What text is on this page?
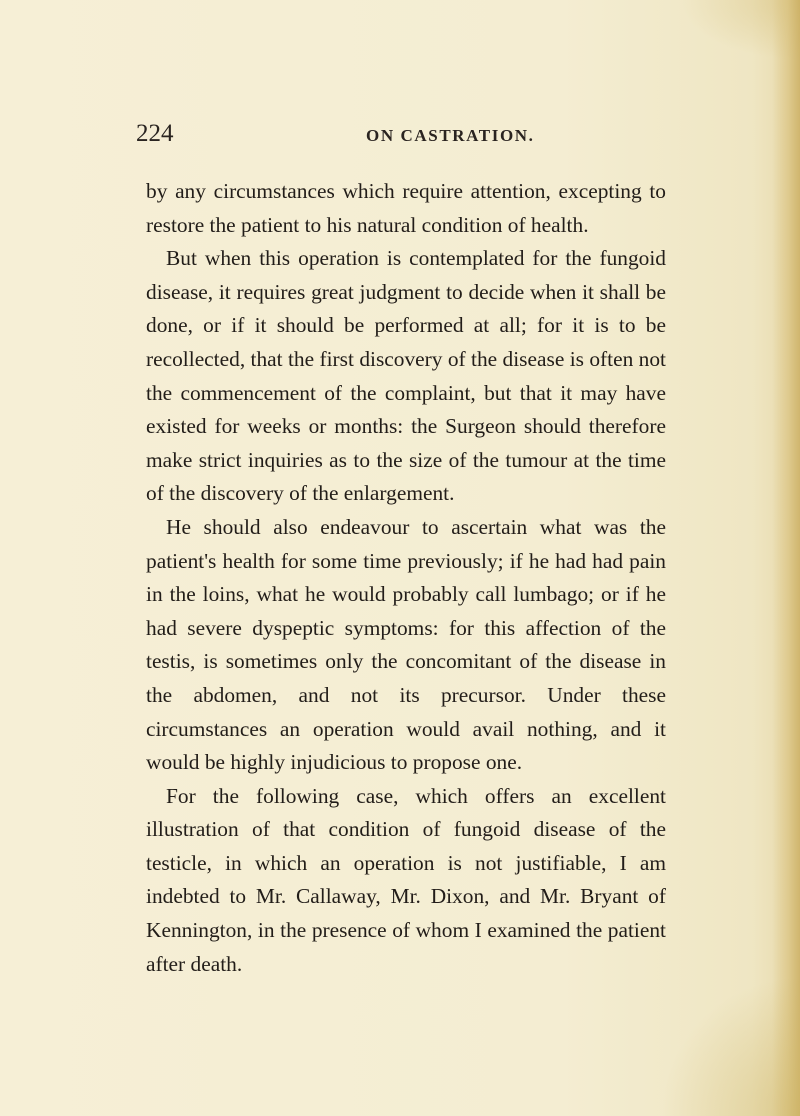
224	ON CASTRATION.

by any circumstances which require attention, excepting to restore the patient to his natural condition of health.

But when this operation is contemplated for the fungoid disease, it requires great judgment to decide when it shall be done, or if it should be performed at all; for it is to be recollected, that the first discovery of the disease is often not the commencement of the complaint, but that it may have existed for weeks or months: the Surgeon should therefore make strict inquiries as to the size of the tumour at the time of the discovery of the enlargement.

He should also endeavour to ascertain what was the patient's health for some time previously; if he had had pain in the loins, what he would probably call lumbago; or if he had severe dyspeptic symptoms: for this affection of the testis, is sometimes only the concomitant of the disease in the abdomen, and not its precursor. Under these circumstances an operation would avail nothing, and it would be highly injudicious to propose one.

For the following case, which offers an excellent illustration of that condition of fungoid disease of the testicle, in which an operation is not justifiable, I am indebted to Mr. Callaway, Mr. Dixon, and Mr. Bryant of Kennington, in the presence of whom I examined the patient after death.
